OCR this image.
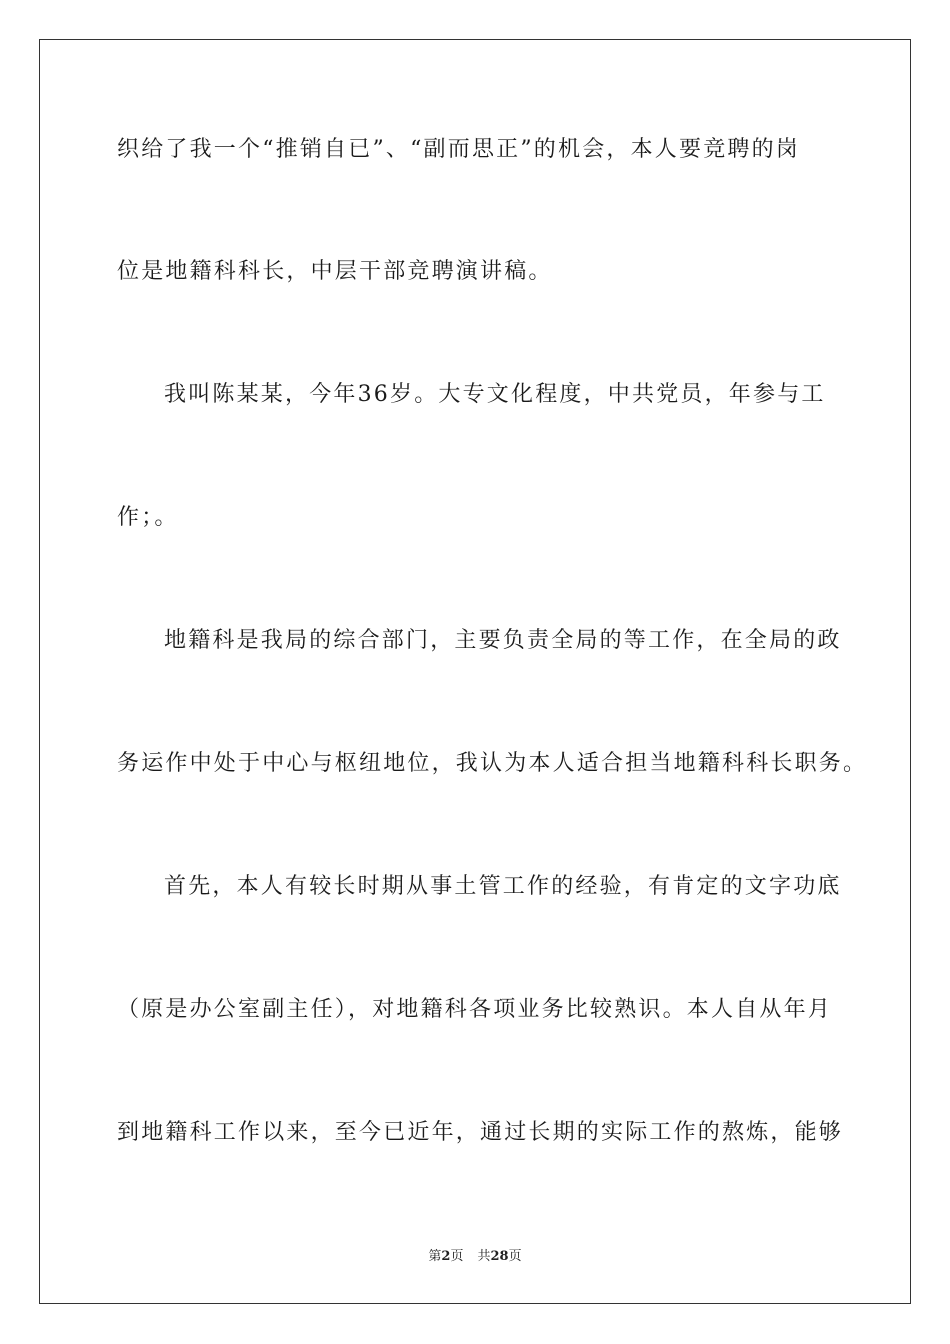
织给了我一个“推销自已”、“副而思正”的机会，本人要竞聘的岗
位是地籍科科长，中层干部竞聘演讲稿。
我叫陈某某，今年36岁。大专文化程度，中共党员，年参与工
作；。
地籍科是我局的综合部门，主要负责全局的等工作，在全局的政
务运作中处于中心与枢纽地位，我认为本人适合担当地籍科科长职务。
首先，本人有较长时期从事土管工作的经验，有肯定的文字功底
（原是办公室副主任），对地籍科各项业务比较熟识。本人自从年月
到地籍科工作以来，至今已近年，通过长期的实际工作的熬炼，能够
第2页 共28页
